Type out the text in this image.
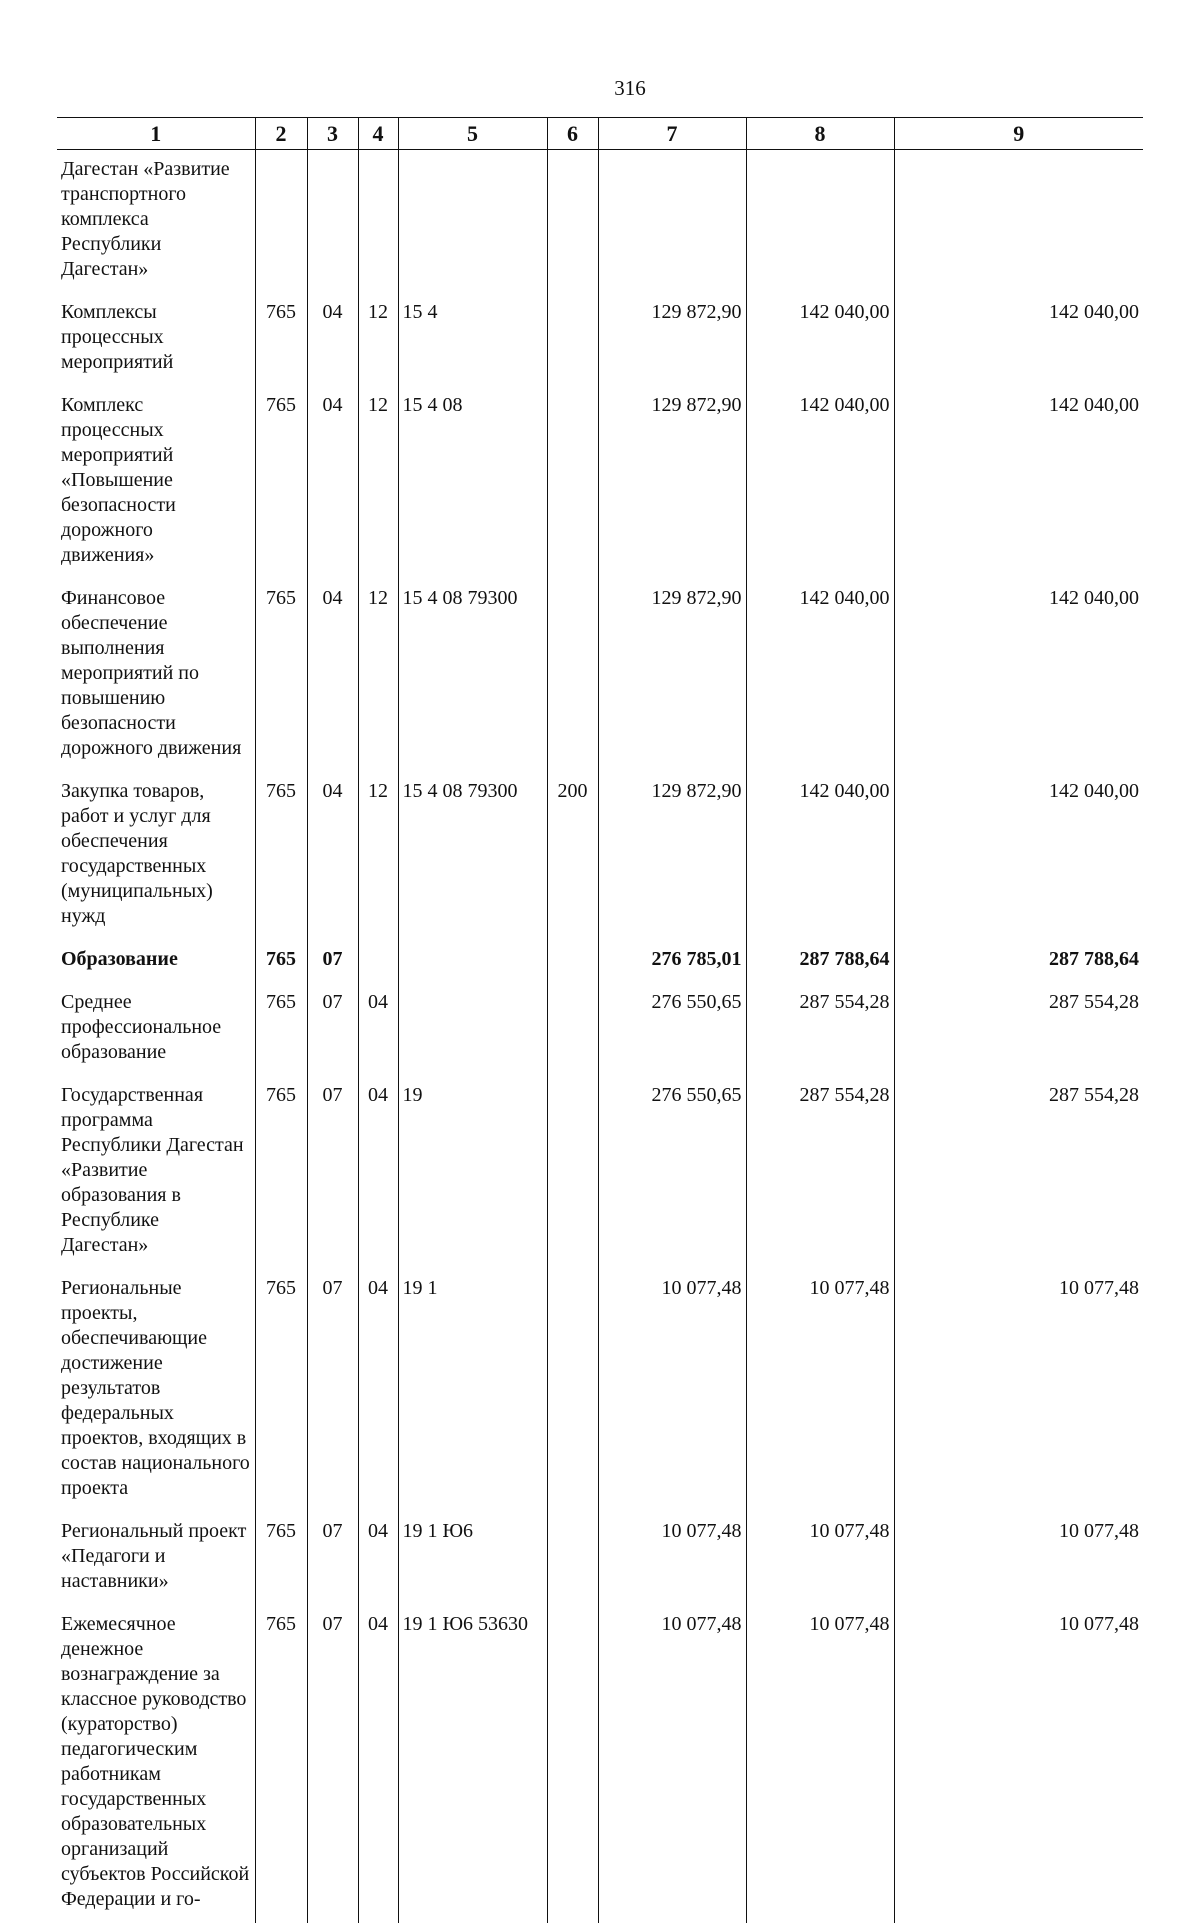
316
1	2	3	4	5	6	7	8	9
Дагестан «Развитие транспортного комплекса Республики Дагестан»								
Комплексы процессных мероприятий	765	04	12	15 4		129 872,90	142 040,00	142 040,00
Комплекс процессных мероприятий «Повышение безопасности дорожного движения»	765	04	12	15 4 08		129 872,90	142 040,00	142 040,00
Финансовое обеспечение выполнения мероприятий по повышению безопасности дорожного движения	765	04	12	15 4 08 79300		129 872,90	142 040,00	142 040,00
Закупка товаров, работ и услуг для обеспечения государственных (муниципальных) нужд	765	04	12	15 4 08 79300	200	129 872,90	142 040,00	142 040,00
Образование	765	07				276 785,01	287 788,64	287 788,64
Среднее профессиональное образование	765	07	04			276 550,65	287 554,28	287 554,28
Государственная программа Республики Дагестан «Развитие образования в Республике Дагестан»	765	07	04	19		276 550,65	287 554,28	287 554,28
Региональные проекты, обеспечивающие достижение результатов федеральных проектов, входящих в состав национального проекта	765	07	04	19 1		10 077,48	10 077,48	10 077,48
Региональный проект «Педагоги и наставники»	765	07	04	19 1 Ю6		10 077,48	10 077,48	10 077,48
Ежемесячное денежное вознаграждение за классное руководство (кураторство) педагогическим работникам государственных образовательных организаций субъектов Российской Федерации и го-	765	07	04	19 1 Ю6 53630		10 077,48	10 077,48	10 077,48
